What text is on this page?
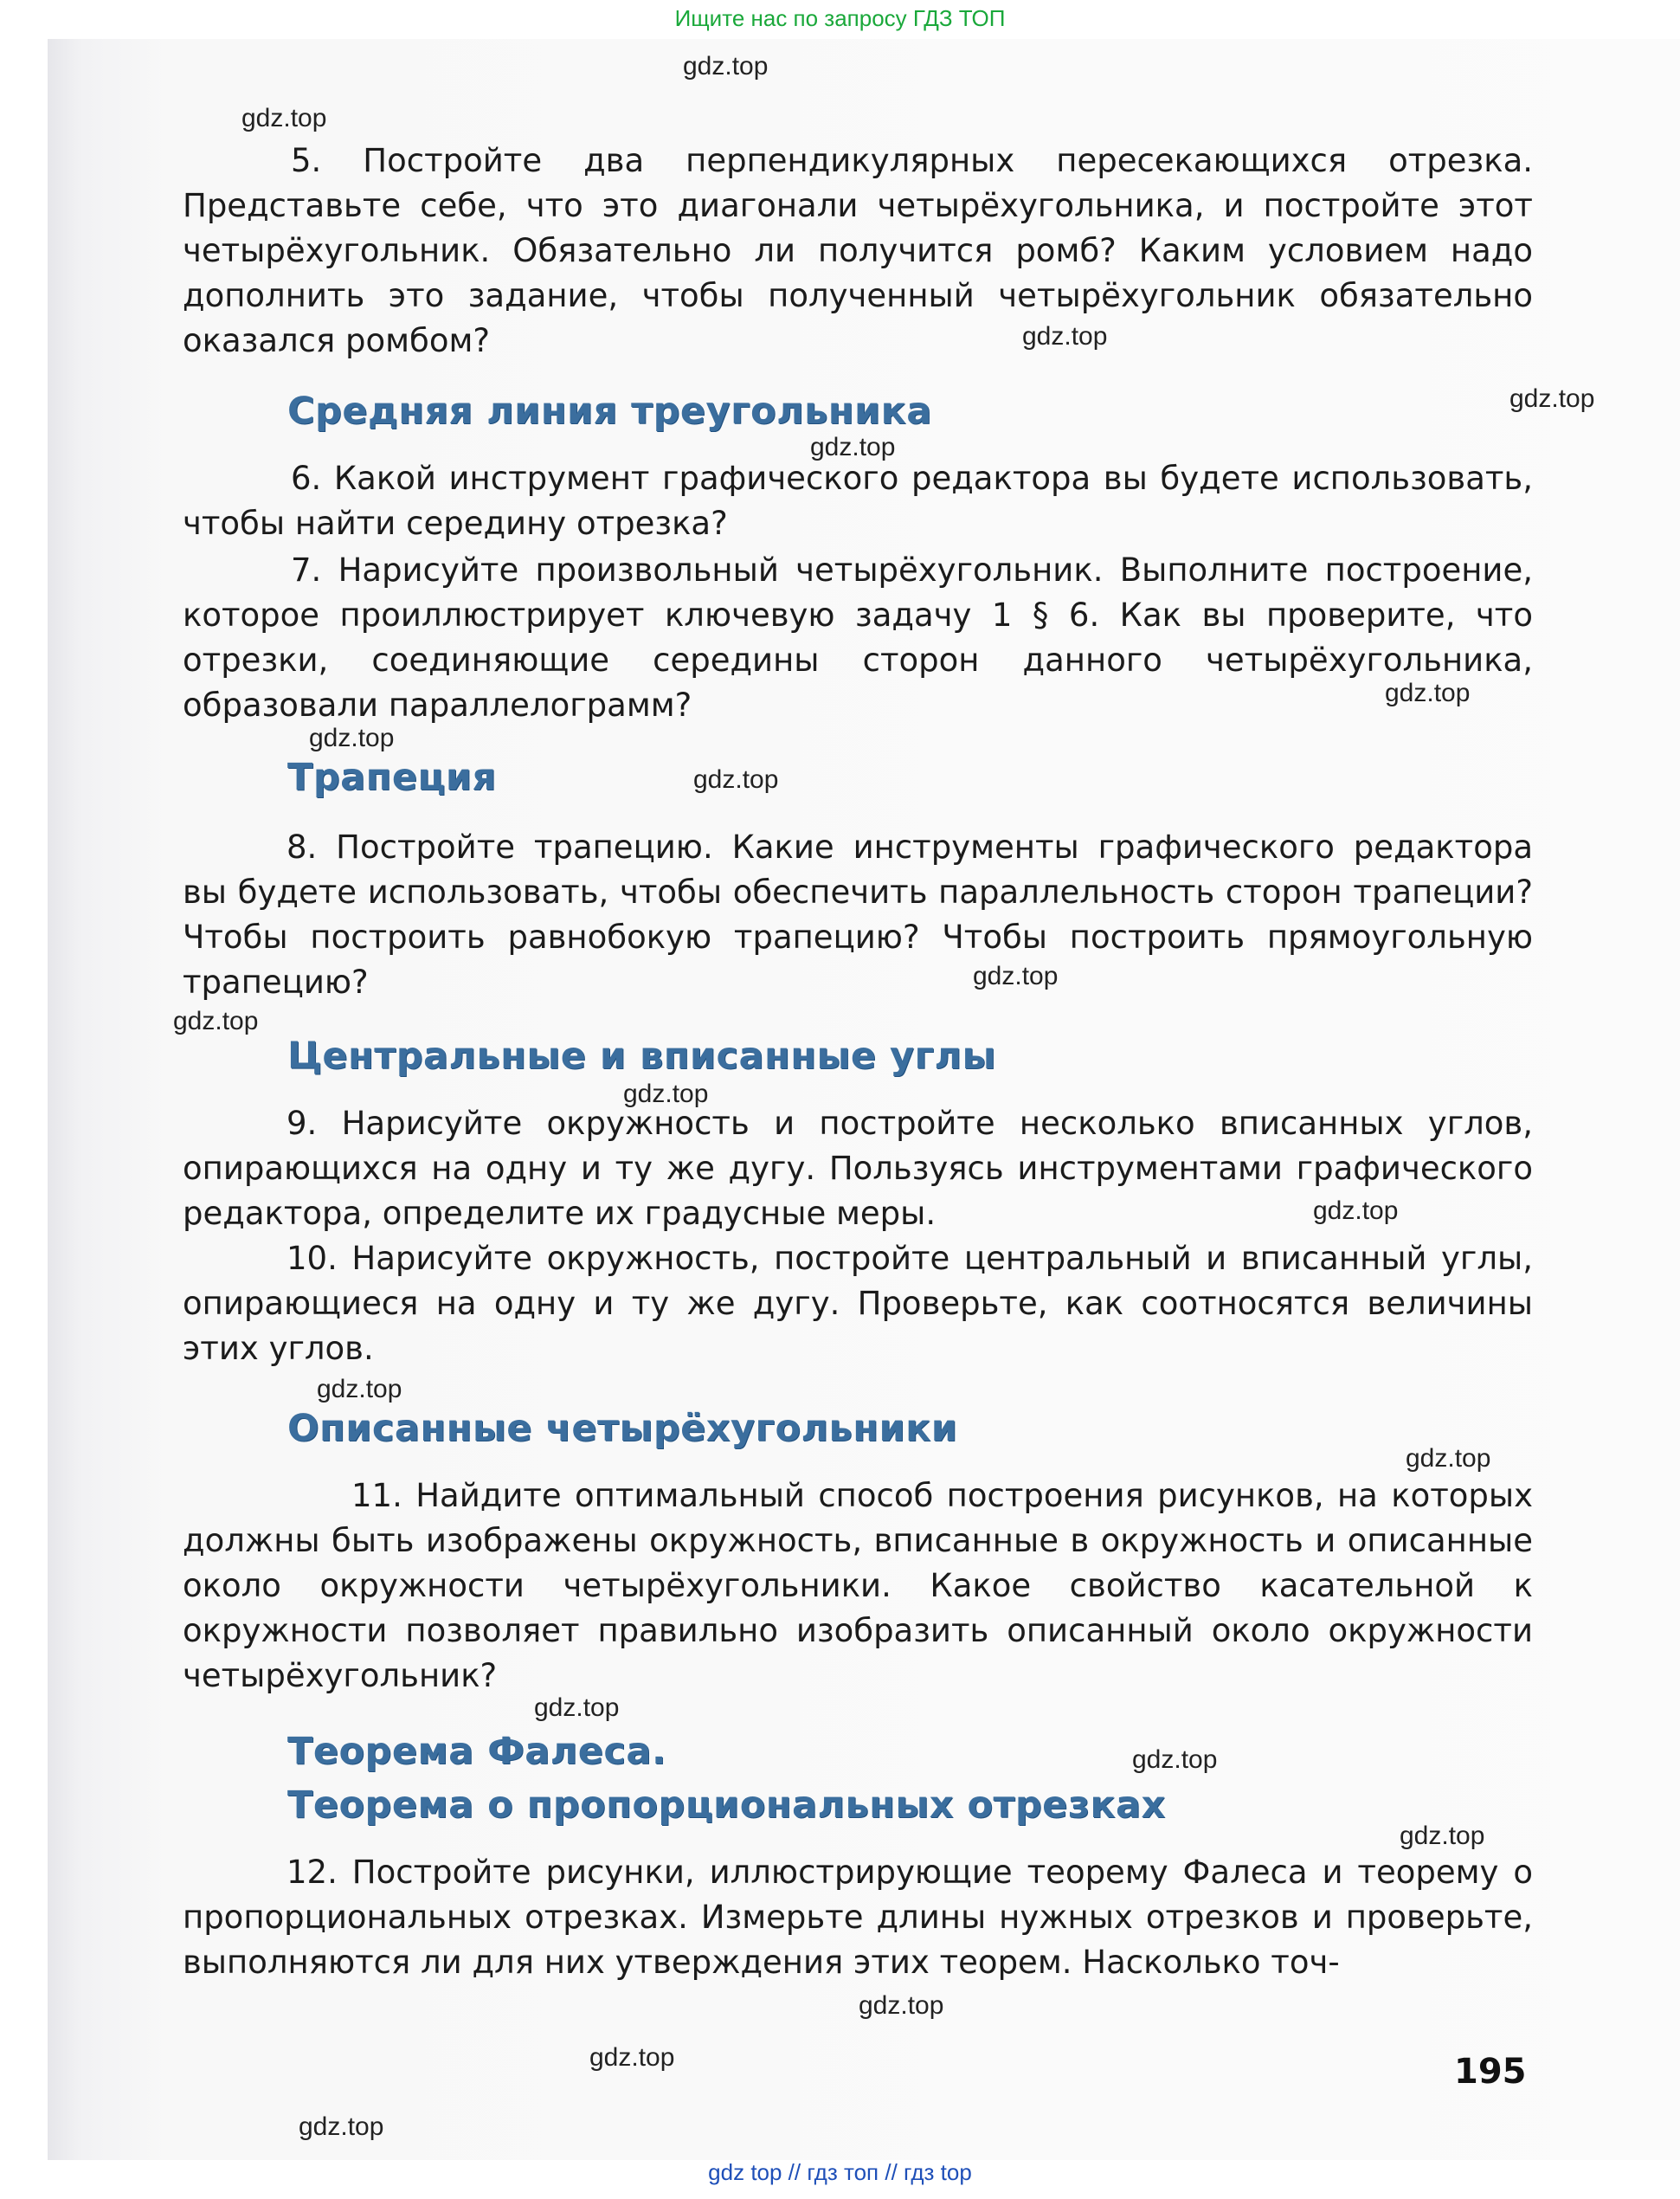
Ищите нас по запросу ГДЗ ТОП

5. Постройте два перпендикулярных пересекающихся отрезка. Представьте себе, что это диагонали четырёхугольника, и постройте этот четырёхугольник. Обязательно ли получится ромб? Каким условием надо дополнить это задание, чтобы полученный четырёхугольник обязательно оказался ромбом?

Средняя линия треугольника

6. Какой инструмент графического редактора вы будете использовать, чтобы найти середину отрезка?

7. Нарисуйте произвольный четырёхугольник. Выполните построение, которое проиллюстрирует ключевую задачу 1 § 6. Как вы проверите, что отрезки, соединяющие середины сторон данного четырёхугольника, образовали параллелограмм?

Трапеция

8. Постройте трапецию. Какие инструменты графического редактора вы будете использовать, чтобы обеспечить параллельность сторон трапеции? Чтобы построить равнобокую трапецию? Чтобы построить прямоугольную трапецию?

Центральные и вписанные углы

9. Нарисуйте окружность и постройте несколько вписанных углов, опирающихся на одну и ту же дугу. Пользуясь инструментами графического редактора, определите их градусные меры.

10. Нарисуйте окружность, постройте центральный и вписанный углы, опирающиеся на одну и ту же дугу. Проверьте, как соотносятся величины этих углов.

Описанные четырёхугольники

11. Найдите оптимальный способ построения рисунков, на которых должны быть изображены окружность, вписанные в окружность и описанные около окружности четырёхугольники. Какое свойство касательной к окружности позволяет правильно изобразить описанный около окружности четырёхугольник?

Теорема Фалеса.
Теорема о пропорциональных отрезках

12. Постройте рисунки, иллюстрирующие теорему Фалеса и теорему о пропорциональных отрезках. Измерьте длины нужных отрезков и проверьте, выполняются ли для них утверждения этих теорем. Насколько точ-

195
gdz.top
gdz.top
gdz.top
gdz.top
gdz.top
gdz.top
gdz.top
gdz.top
gdz.top
gdz.top
gdz.top
gdz.top
gdz.top
gdz.top
gdz.top
gdz.top
gdz.top
gdz.top
gdz.top
gdz.top
gdz top // гдз топ // гдз top
